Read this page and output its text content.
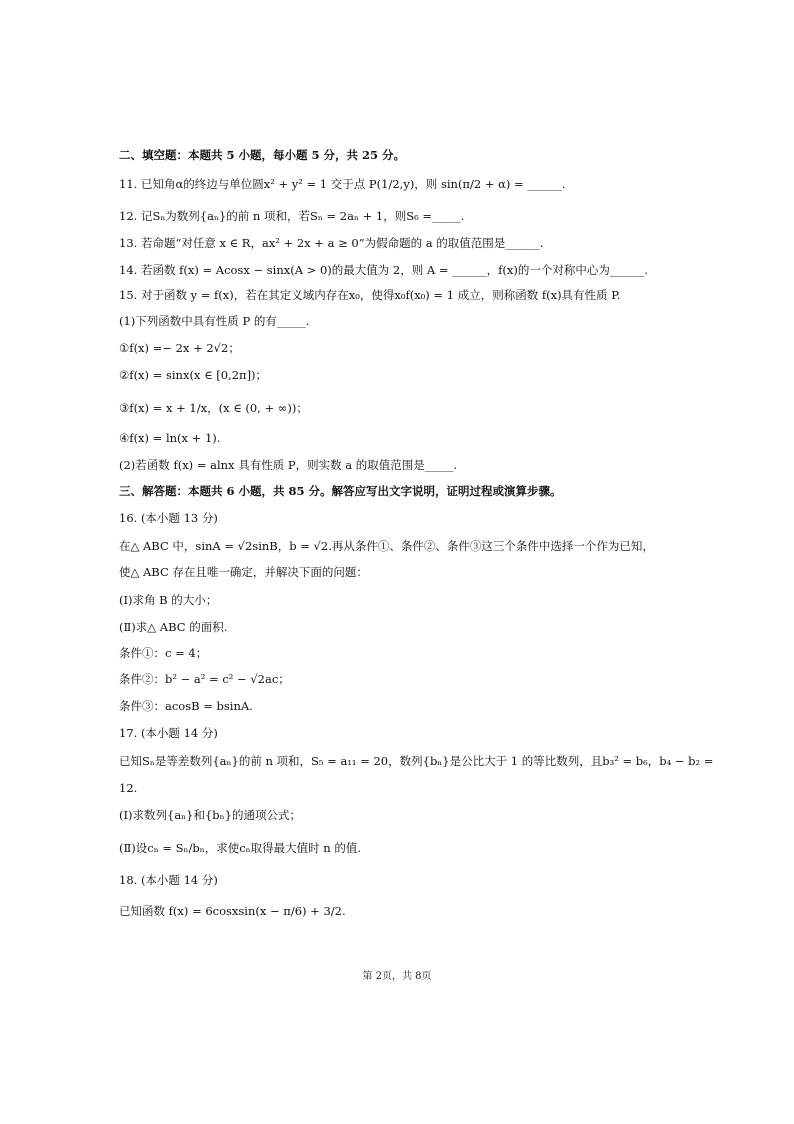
二、填空题：本题共 5 小题，每小题 5 分，共 25 分。
11. 已知角α的终边与单位圆x² + y² = 1 交于点 P(1/2,y)，则 sin(π/2 + α) = ______.
12. 记Sₙ为数列{aₙ}的前 n 项和，若Sₙ = 2aₙ + 1，则S₆ =_____.
13. 若命题“对任意 x ∈ R，ax² + 2x + a ≥ 0”为假命题的 a 的取值范围是______.
14. 若函数 f(x) = Acosx − sinx(A > 0)的最大值为 2，则 A = ______，f(x)的一个对称中心为______.
15. 对于函数 y = f(x)，若在其定义域内存在x₀，使得x₀f(x₀) = 1 成立，则称函数 f(x)具有性质 P.
(1)下列函数中具有性质 P 的有_____.
①f(x) =− 2x + 2√2；
②f(x) = sinx(x ∈ [0,2π])；
③f(x) = x + 1/x，(x ∈ (0, + ∞))；
④f(x) = ln(x + 1).
(2)若函数 f(x) = alnx 具有性质 P，则实数 a 的取值范围是_____.
三、解答题：本题共 6 小题，共 85 分。解答应写出文字说明，证明过程或演算步骤。
16. (本小题 13 分)
在△ ABC 中，sinA = √2sinB，b = √2.再从条件①、条件②、条件③这三个条件中选择一个作为已知，
使△ ABC 存在且唯一确定，并解决下面的问题：
(Ⅰ)求角 B 的大小；
(Ⅱ)求△ ABC 的面积.
条件①：c = 4；
条件②：b² − a² = c² − √2ac；
条件③：acosB = bsinA.
17. (本小题 14 分)
已知Sₙ是等差数列{aₙ}的前 n 项和，S₅ = a₁₁ = 20，数列{bₙ}是公比大于 1 的等比数列，且b₃² = b₆，b₄ − b₂ =
12.
(Ⅰ)求数列{aₙ}和{bₙ}的通项公式；
(Ⅱ)设cₙ = Sₙ/bₙ，求使cₙ取得最大值时 n 的值.
18. (本小题 14 分)
已知函数 f(x) = 6cosxsin(x − π/6) + 3/2.
第 2页，共 8页
